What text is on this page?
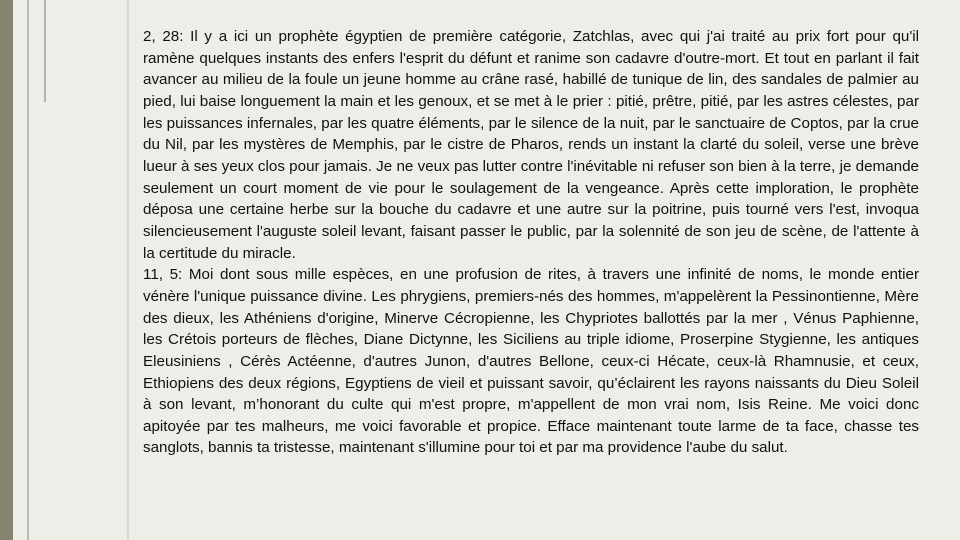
2, 28: Il y a ici un prophète égyptien de première catégorie, Zatchlas, avec qui j'ai traité au prix fort pour qu'il ramène quelques instants des enfers l'esprit du défunt et ranime son cadavre d'outre-mort. Et tout en parlant il fait avancer au milieu de la foule un jeune homme au crâne rasé, habillé de tunique de lin, des sandales de palmier au pied, lui baise longuement la main et les genoux, et se met à le prier : pitié, prêtre, pitié, par les astres célestes, par les puissances infernales, par les quatre éléments, par le silence de la nuit, par le sanctuaire de Coptos, par la crue du Nil, par les mystères de Memphis, par le cistre de Pharos, rends un instant la clarté du soleil, verse une brève lueur à ses yeux clos pour jamais. Je ne veux pas lutter contre l'inévitable ni refuser son bien à la terre, je demande seulement un court moment de vie pour le soulagement de la vengeance. Après cette imploration, le prophète déposa une certaine herbe sur la bouche du cadavre et une autre sur la poitrine, puis tourné vers l'est, invoqua silencieusement l'auguste soleil levant, faisant passer le public, par la solennité de son jeu de scène, de l'attente à la certitude du miracle.

11, 5: Moi dont sous mille espèces, en une profusion de rites, à travers une infinité de noms, le monde entier vénère l'unique puissance divine. Les phrygiens, premiers-nés des hommes, m'appelèrent la Pessinontienne, Mère des dieux, les Athéniens d'origine, Minerve Cécropienne, les Chypriotes ballottés par la mer , Vénus Paphienne, les Crétois porteurs de flèches, Diane Dictynne, les Siciliens au triple idiome, Proserpine Stygienne, les antiques Eleusiniens , Cérès Actéenne, d'autres Junon, d'autres Bellone, ceux-ci Hécate, ceux-là Rhamnusie, et ceux, Ethiopiens des deux régions, Egyptiens de vieil et puissant savoir, qu’éclairent les rayons naissants du Dieu Soleil à son levant, m’honorant du culte qui m'est propre, m'appellent de mon vrai nom, Isis Reine. Me voici donc apitoyée par tes malheurs, me voici favorable et propice. Efface maintenant toute larme de ta face, chasse tes sanglots, bannis ta tristesse, maintenant s'illumine pour toi et par ma providence l'aube du salut.
